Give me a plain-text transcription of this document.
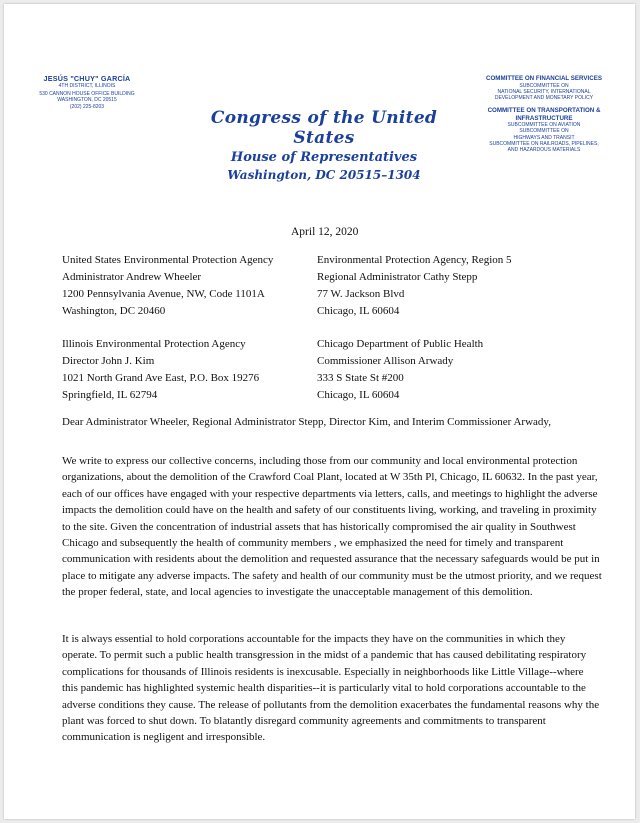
JESÚS "CHUY" GARCÍA
4TH DISTRICT, ILLINOIS
530 CANNON HOUSE OFFICE BUILDING
WASHINGTON, DC 20515
(202) 225-8203
Congress of the United States
House of Representatives
Washington, DC 20515–1304
COMMITTEE ON FINANCIAL SERVICES
SUBCOMMITTEE ON
NATIONAL SECURITY, INTERNATIONAL
DEVELOPMENT AND MONETARY POLICY
COMMITTEE ON TRANSPORTATION &
INFRASTRUCTURE
SUBCOMMITTEE ON AVIATION
SUBCOMMITTEE ON
HIGHWAYS AND TRANSIT
SUBCOMMITTEE ON RAILROADS, PIPELINES,
AND HAZARDOUS MATERIALS
April 12, 2020
United States Environmental Protection Agency
Administrator Andrew Wheeler
1200 Pennsylvania Avenue, NW, Code 1101A
Washington, DC 20460
Environmental Protection Agency, Region 5
Regional Administrator Cathy Stepp
77 W. Jackson Blvd
Chicago, IL 60604
Illinois Environmental Protection Agency
Director John J. Kim
1021 North Grand Ave East, P.O. Box 19276
Springfield, IL 62794
Chicago Department of Public Health
Commissioner Allison Arwady
333 S State St #200
Chicago, IL 60604
Dear Administrator Wheeler, Regional Administrator Stepp, Director Kim, and Interim Commissioner Arwady,
We write to express our collective concerns, including those from our community and local environmental protection organizations, about the demolition of the Crawford Coal Plant, located at W 35th Pl, Chicago, IL 60632. In the past year, each of our offices have engaged with your respective departments via letters, calls, and meetings to highlight the adverse impacts the demolition could have on the health and safety of our constituents living, working, and traveling in proximity to the site. Given the concentration of industrial assets that has historically compromised the air quality in Southwest Chicago and subsequently the health of community members , we emphasized the need for timely and transparent communication with residents about the demolition and requested assurance that the necessary safeguards would be put in place to mitigate any adverse impacts. The safety and health of our community must be the utmost priority, and we request the proper federal, state, and local agencies to investigate the unacceptable management of this demolition.
It is always essential to hold corporations accountable for the impacts they have on the communities in which they operate. To permit such a public health transgression in the midst of a pandemic that has caused debilitating respiratory complications for thousands of Illinois residents is inexcusable. Especially in neighborhoods like Little Village--where this pandemic has highlighted systemic health disparities--it is particularly vital to hold corporations accountable to the adverse conditions they cause. The release of pollutants from the demolition exacerbates the fundamental reasons why the plant was forced to shut down. To blatantly disregard community agreements and commitments to transparent communication is negligent and irresponsible.
